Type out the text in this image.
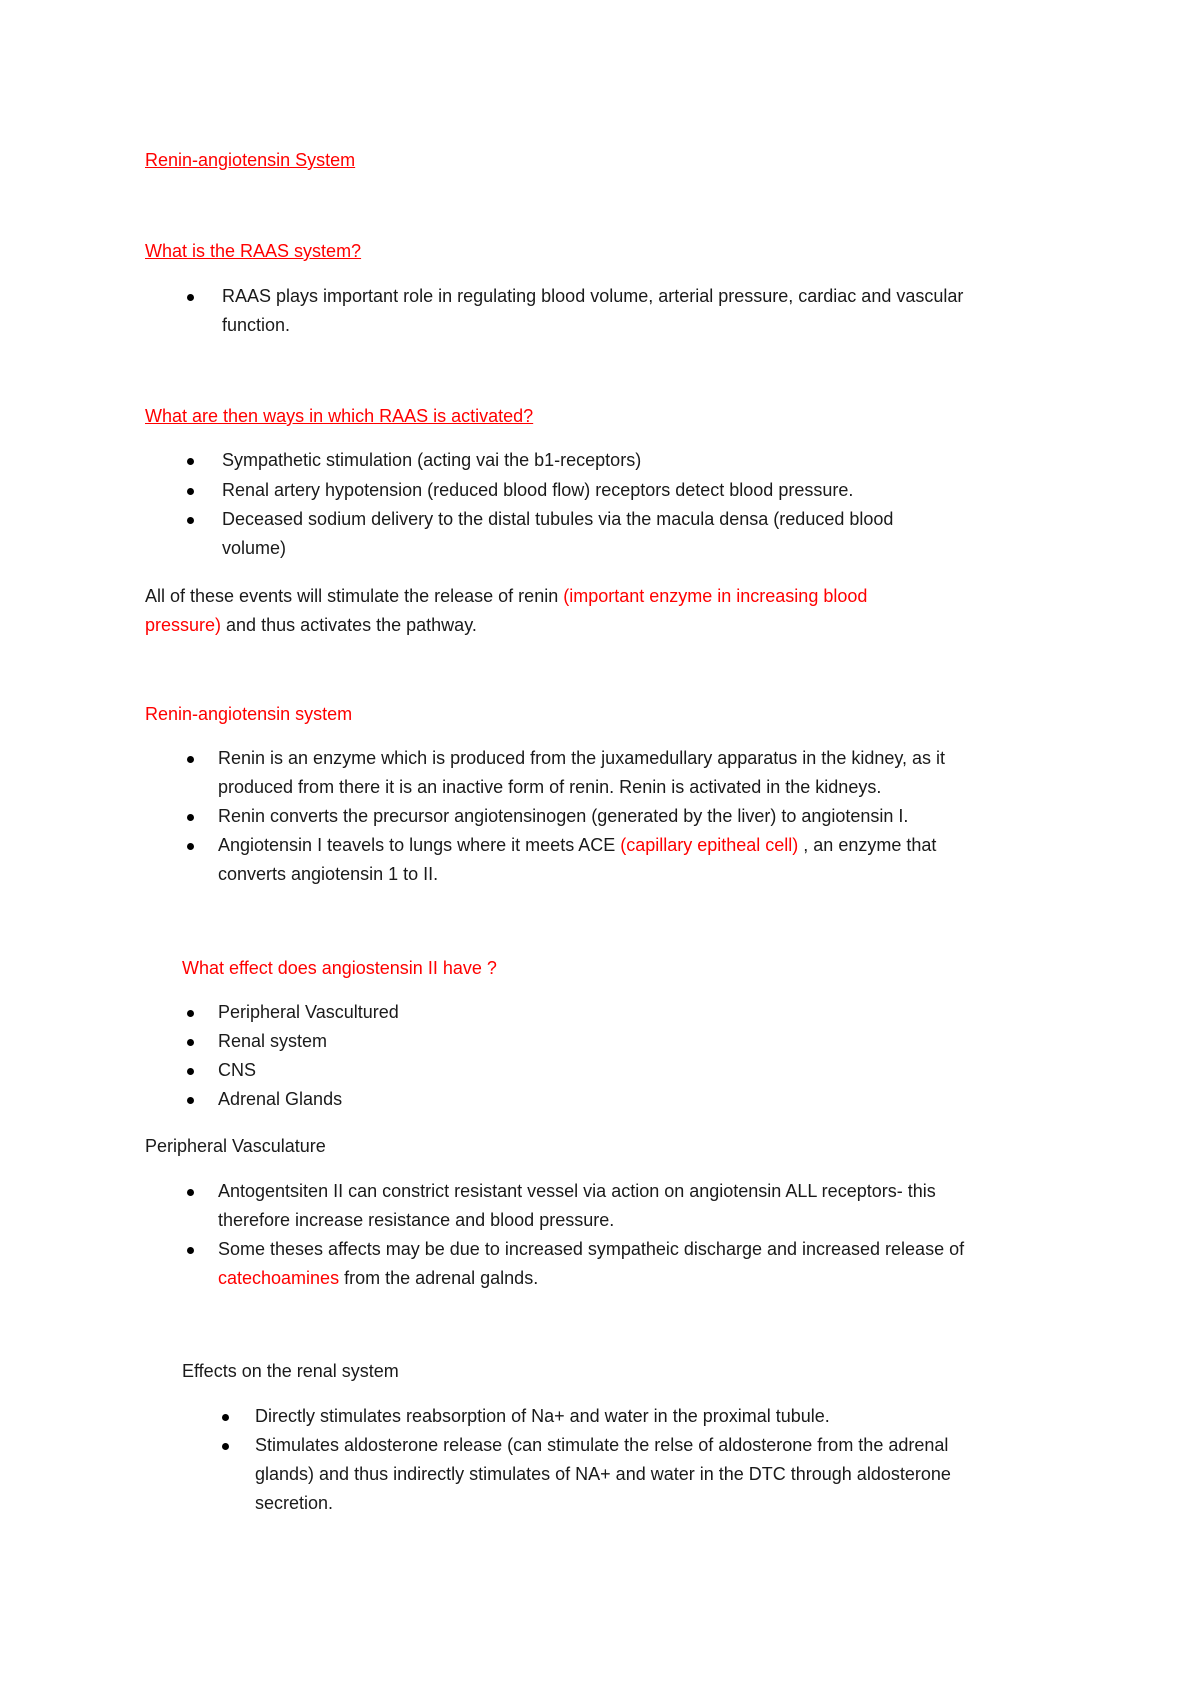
Renin-angiotensin System
What is the RAAS system?
RAAS plays important role in regulating blood volume, arterial pressure, cardiac and vascular
function.
What are then ways in which RAAS is activated?
Sympathetic stimulation (acting vai the b1-receptors)
Renal artery hypotension (reduced blood flow) receptors detect blood pressure.
Deceased sodium delivery to the distal tubules via the macula densa (reduced blood
volume)
All of these events will stimulate the release of renin (important enzyme in increasing blood
pressure) and thus activates the pathway.
Renin-angiotensin system
Renin is an enzyme which is produced from the juxamedullary apparatus in the kidney, as it
produced from there it is an inactive form of renin. Renin is activated in the kidneys.
Renin converts the precursor angiotensinogen (generated by the liver) to angiotensin I.
Angiotensin I teavels to lungs where it meets ACE (capillary epitheal cell) , an enzyme that
converts angiotensin 1 to II.
What effect does angiostensin II have ?
Peripheral Vascultured
Renal system
CNS
Adrenal Glands
Peripheral Vasculature
Antogentsiten II can constrict resistant vessel via action on angiotensin ALL receptors- this
therefore increase resistance and blood pressure.
Some theses affects may be due to increased sympatheic discharge and increased release of
catechoamines from the adrenal galnds.
Effects on the renal system
Directly stimulates reabsorption of Na+ and water in the proximal tubule.
Stimulates aldosterone release (can stimulate the relse of aldosterone from the adrenal
glands) and thus indirectly stimulates of NA+ and water in the DTC through aldosterone
secretion.
